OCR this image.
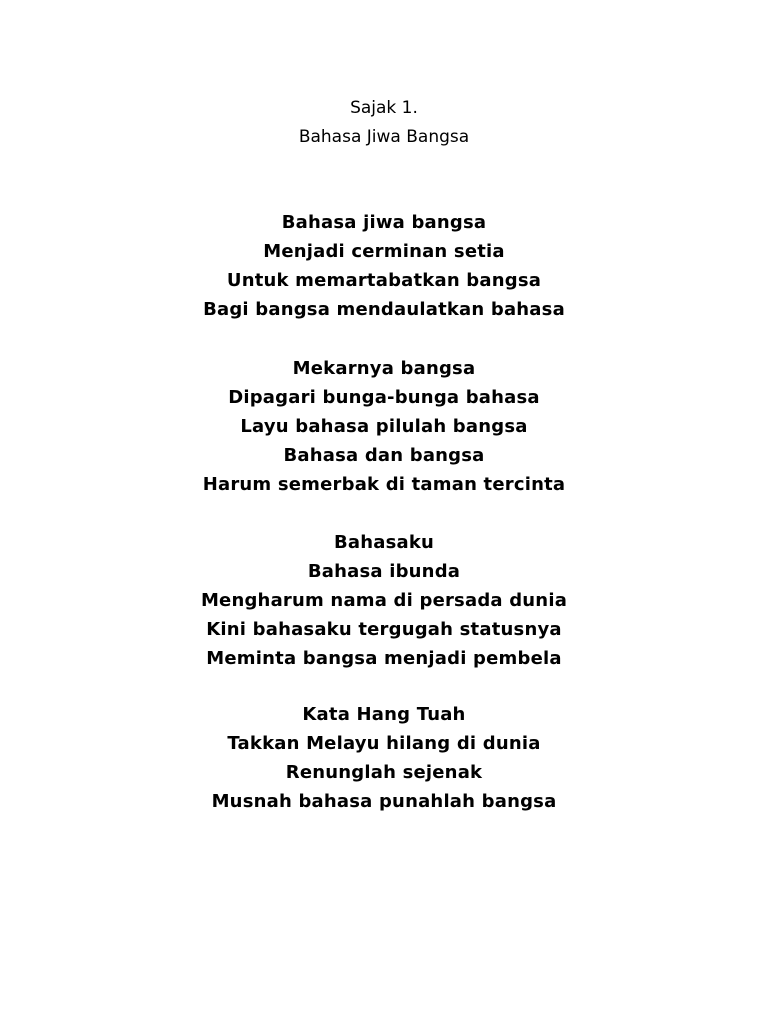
Sajak 1.
Bahasa Jiwa Bangsa
Bahasa jiwa bangsa
Menjadi cerminan setia
Untuk memartabatkan bangsa
Bagi bangsa mendaulatkan bahasa
Mekarnya bangsa
Dipagari bunga-bunga bahasa
Layu bahasa pilulah bangsa
Bahasa dan bangsa
Harum semerbak di taman tercinta
Bahasaku
Bahasa ibunda
Mengharum nama di persada dunia
Kini bahasaku tergugah statusnya
Meminta bangsa menjadi pembela
Kata Hang Tuah
Takkan Melayu hilang di dunia
Renunglah sejenak
Musnah bahasa punahlah bangsa
